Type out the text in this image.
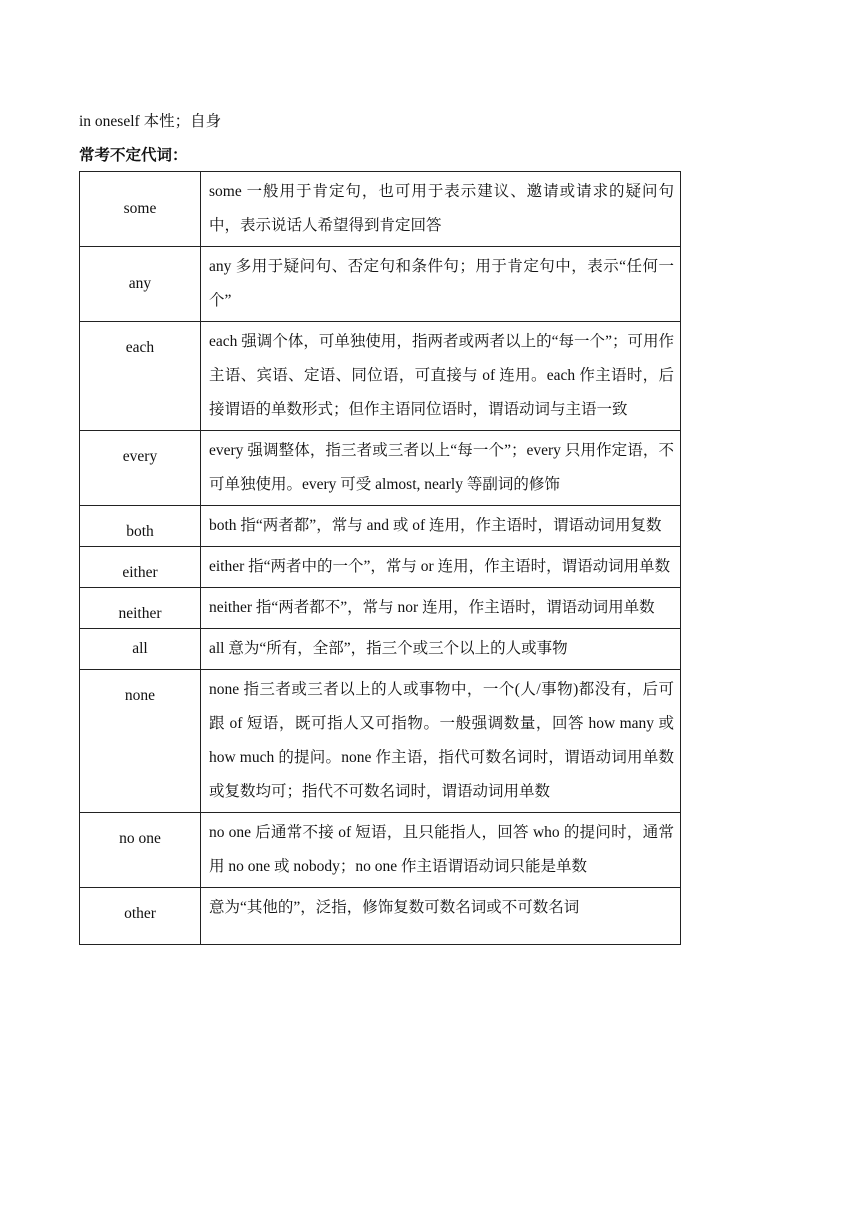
in oneself 本性；自身
常考不定代词：
some	some 一般用于肯定句，也可用于表示建议、邀请或请求的疑问句中，表示说话人希望得到肯定回答
any	any 多用于疑问句、否定句和条件句；用于肯定句中，表示“任何一个”
each	each 强调个体，可单独使用，指两者或两者以上的“每一个”；可用作主语、宾语、定语、同位语，可直接与 of 连用。each 作主语时，后接谓语的单数形式；但作主语同位语时，谓语动词与主语一致
every	every 强调整体，指三者或三者以上“每一个”；every 只用作定语，不可单独使用。every 可受 almost, nearly 等副词的修饰
both	both 指“两者都”，常与 and 或 of 连用，作主语时，谓语动词用复数
either	either 指“两者中的一个”，常与 or 连用，作主语时，谓语动词用单数
neither	neither 指“两者都不”，常与 nor 连用，作主语时，谓语动词用单数
all	all 意为“所有，全部”，指三个或三个以上的人或事物
none	none 指三者或三者以上的人或事物中，一个(人/事物)都没有，后可跟 of 短语，既可指人又可指物。一般强调数量，回答 how many 或 how much 的提问。none 作主语，指代可数名词时，谓语动词用单数或复数均可；指代不可数名词时，谓语动词用单数
no one	no one 后通常不接 of 短语，且只能指人，回答 who 的提问时，通常用 no one 或 nobody；no one 作主语谓语动词只能是单数
other	意为“其他的”，泛指，修饰复数可数名词或不可数名词
